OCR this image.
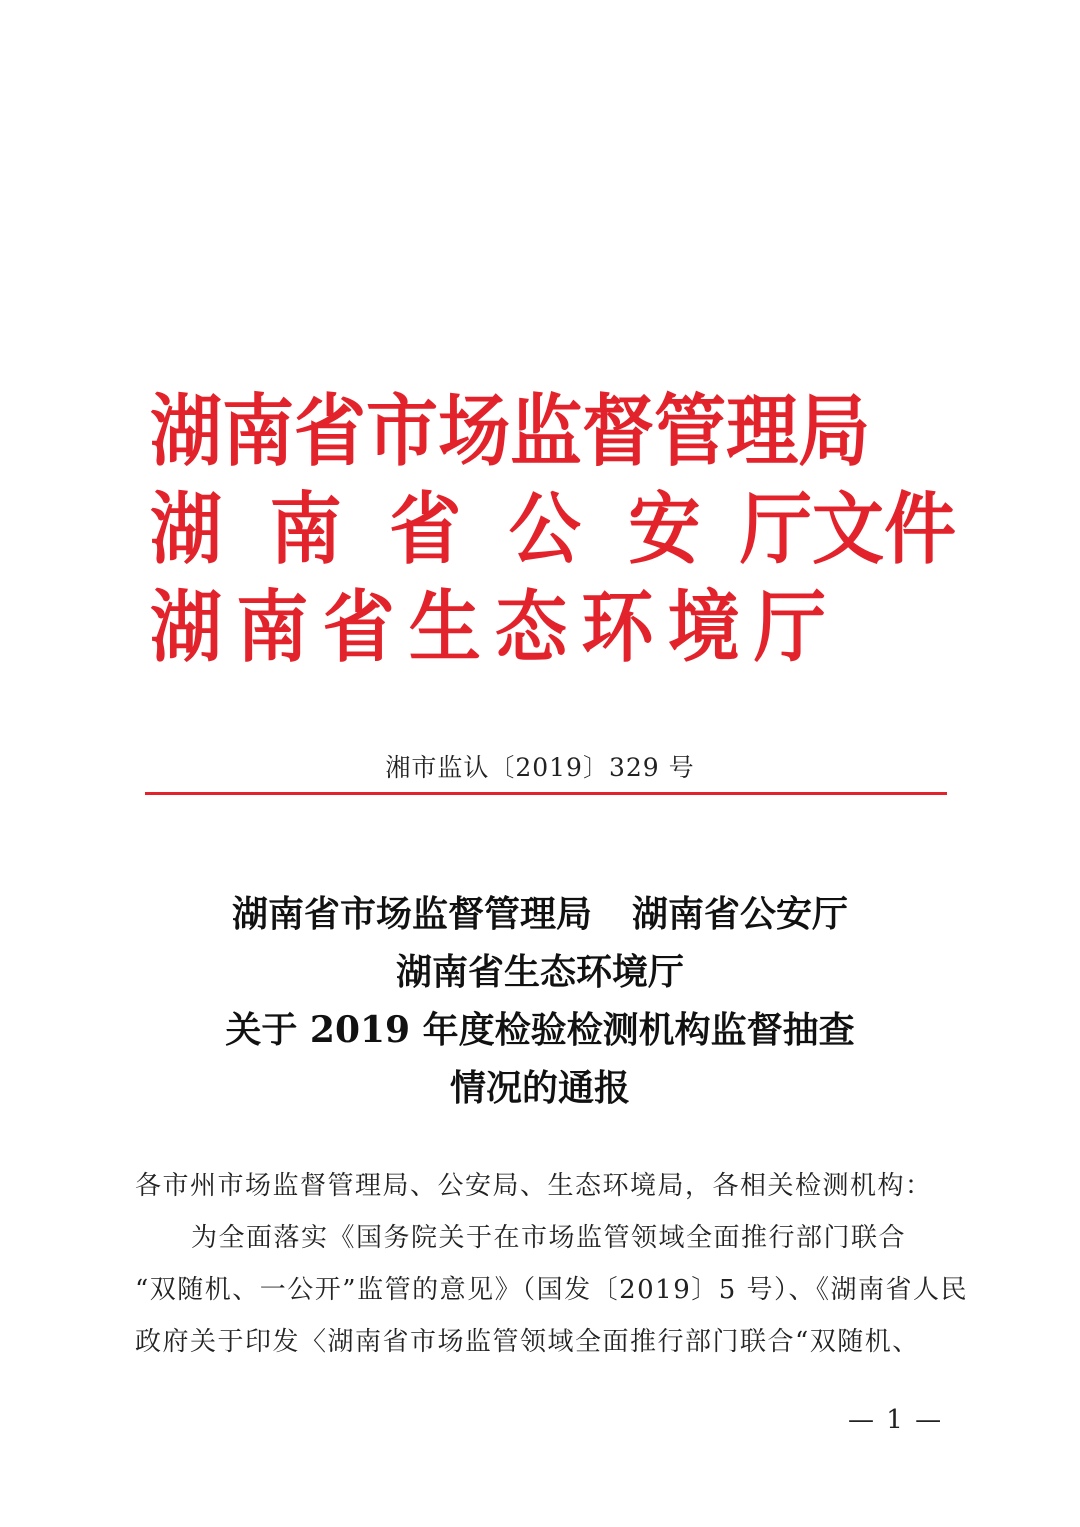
湖 南 省 市 场 监 督 管 理 局
湖 南 省 公 安 厅文件
湖 南 省 生 态 环 境 厅
湘市监认〔2019〕329 号
湖南省市场监督管理局 湖南省公安厅
湖南省生态环境厅
关于 2019 年度检验检测机构监督抽查
情况的通报
各市州市场监督管理局、公安局、生态环境局，各相关检测机构：
为全面落实《国务院关于在市场监管领域全面推行部门联合
“双随机、一公开”监管的意见》（国发〔2019〕5 号）、《湖南省人民
政府关于印发〈湖南省市场监管领域全面推行部门联合“双随机、
— 1 —
